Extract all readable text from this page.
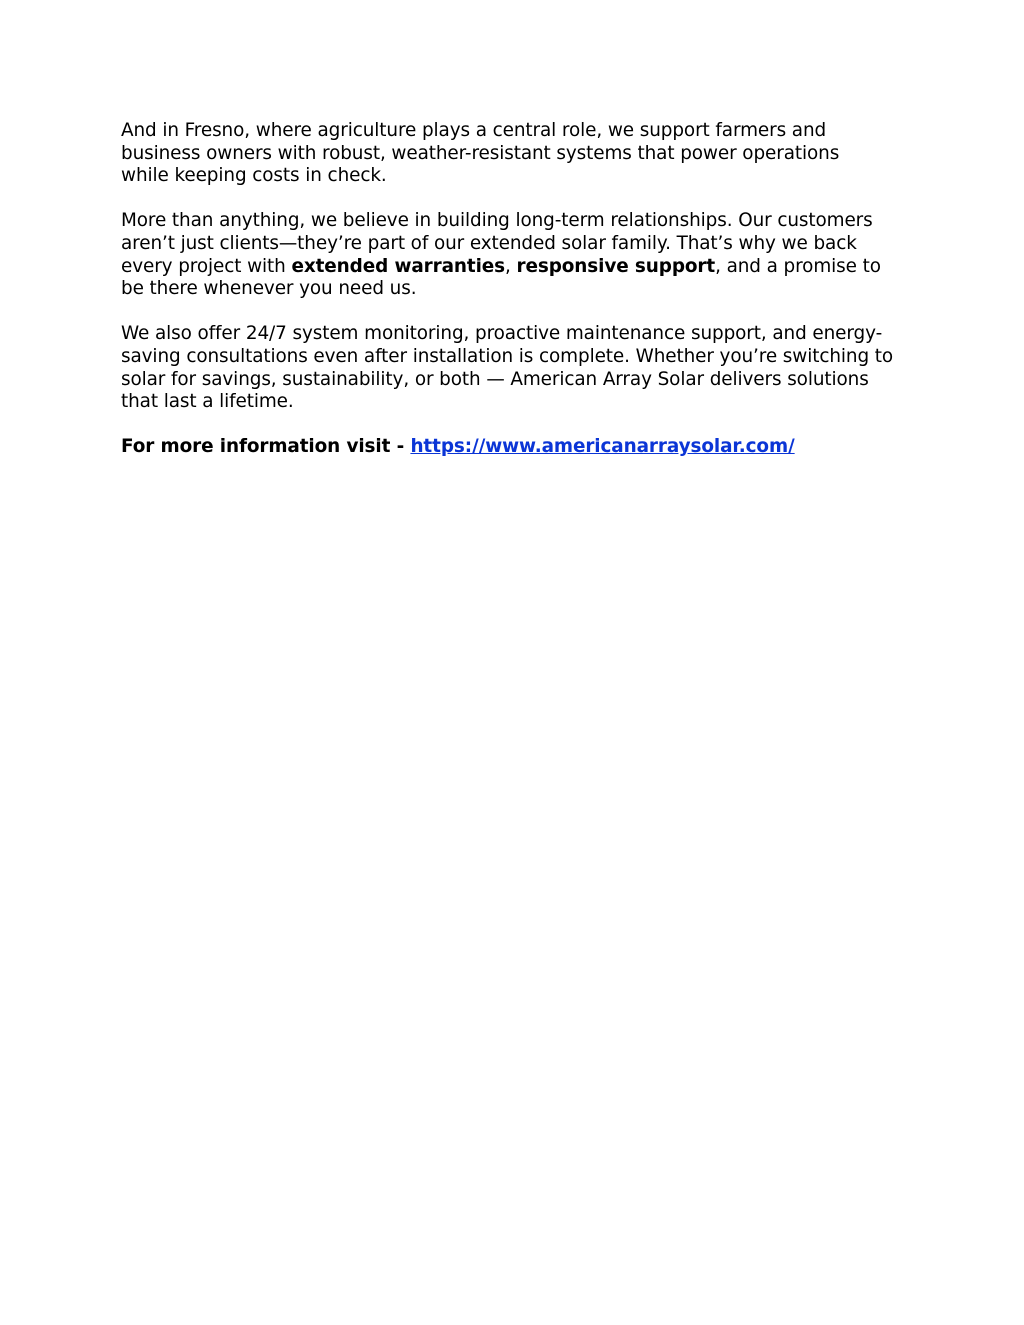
And in Fresno, where agriculture plays a central role, we support farmers and
business owners with robust, weather-resistant systems that power operations
while keeping costs in check.

More than anything, we believe in building long-term relationships. Our customers
aren’t just clients—they’re part of our extended solar family. That’s why we back
every project with extended warranties, responsive support, and a promise to
be there whenever you need us.

We also offer 24/7 system monitoring, proactive maintenance support, and energy-
saving consultations even after installation is complete. Whether you’re switching to
solar for savings, sustainability, or both — American Array Solar delivers solutions
that last a lifetime.

For more information visit - https://www.americanarraysolar.com/
